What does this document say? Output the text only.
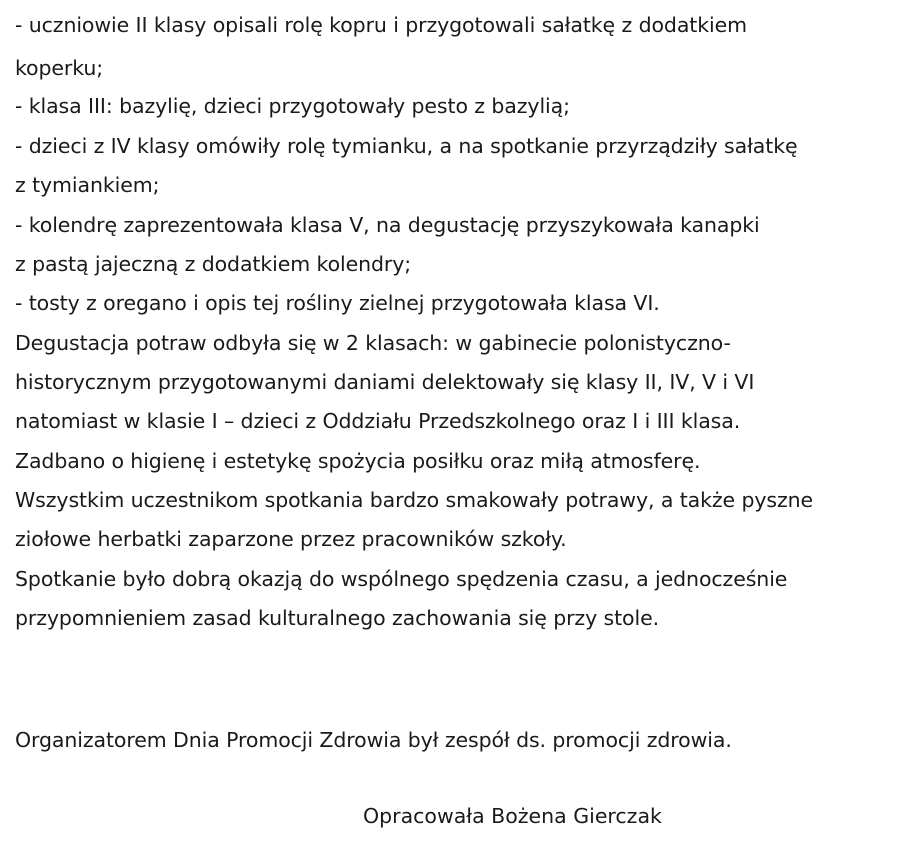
- uczniowie II klasy opisali rolę kopru i przygotowali sałatkę z dodatkiem
koperku;
- klasa III: bazylię, dzieci przygotowały pesto z bazylią;
- dzieci z IV klasy omówiły rolę tymianku, a na spotkanie przyrządziły sałatkę
z tymiankiem;
- kolendrę zaprezentowała klasa V, na degustację przyszykowała kanapki
z pastą jajeczną z dodatkiem kolendry;
- tosty z oregano i opis tej rośliny zielnej przygotowała klasa VI.
Degustacja potraw odbyła się w 2 klasach: w gabinecie polonistyczno-
historycznym przygotowanymi daniami delektowały się klasy II, IV, V i VI
natomiast w klasie I – dzieci z Oddziału Przedszkolnego oraz I i III klasa.
Zadbano o higienę i estetykę spożycia posiłku oraz miłą atmosferę.
Wszystkim uczestnikom spotkania bardzo smakowały potrawy, a także pyszne
ziołowe herbatki zaparzone przez pracowników szkoły.
Spotkanie było dobrą okazją do wspólnego spędzenia czasu, a jednocześnie
przypomnieniem zasad kulturalnego zachowania się przy stole.
Organizatorem Dnia Promocji Zdrowia był zespół ds. promocji zdrowia.
Opracowała Bożena Gierczak
